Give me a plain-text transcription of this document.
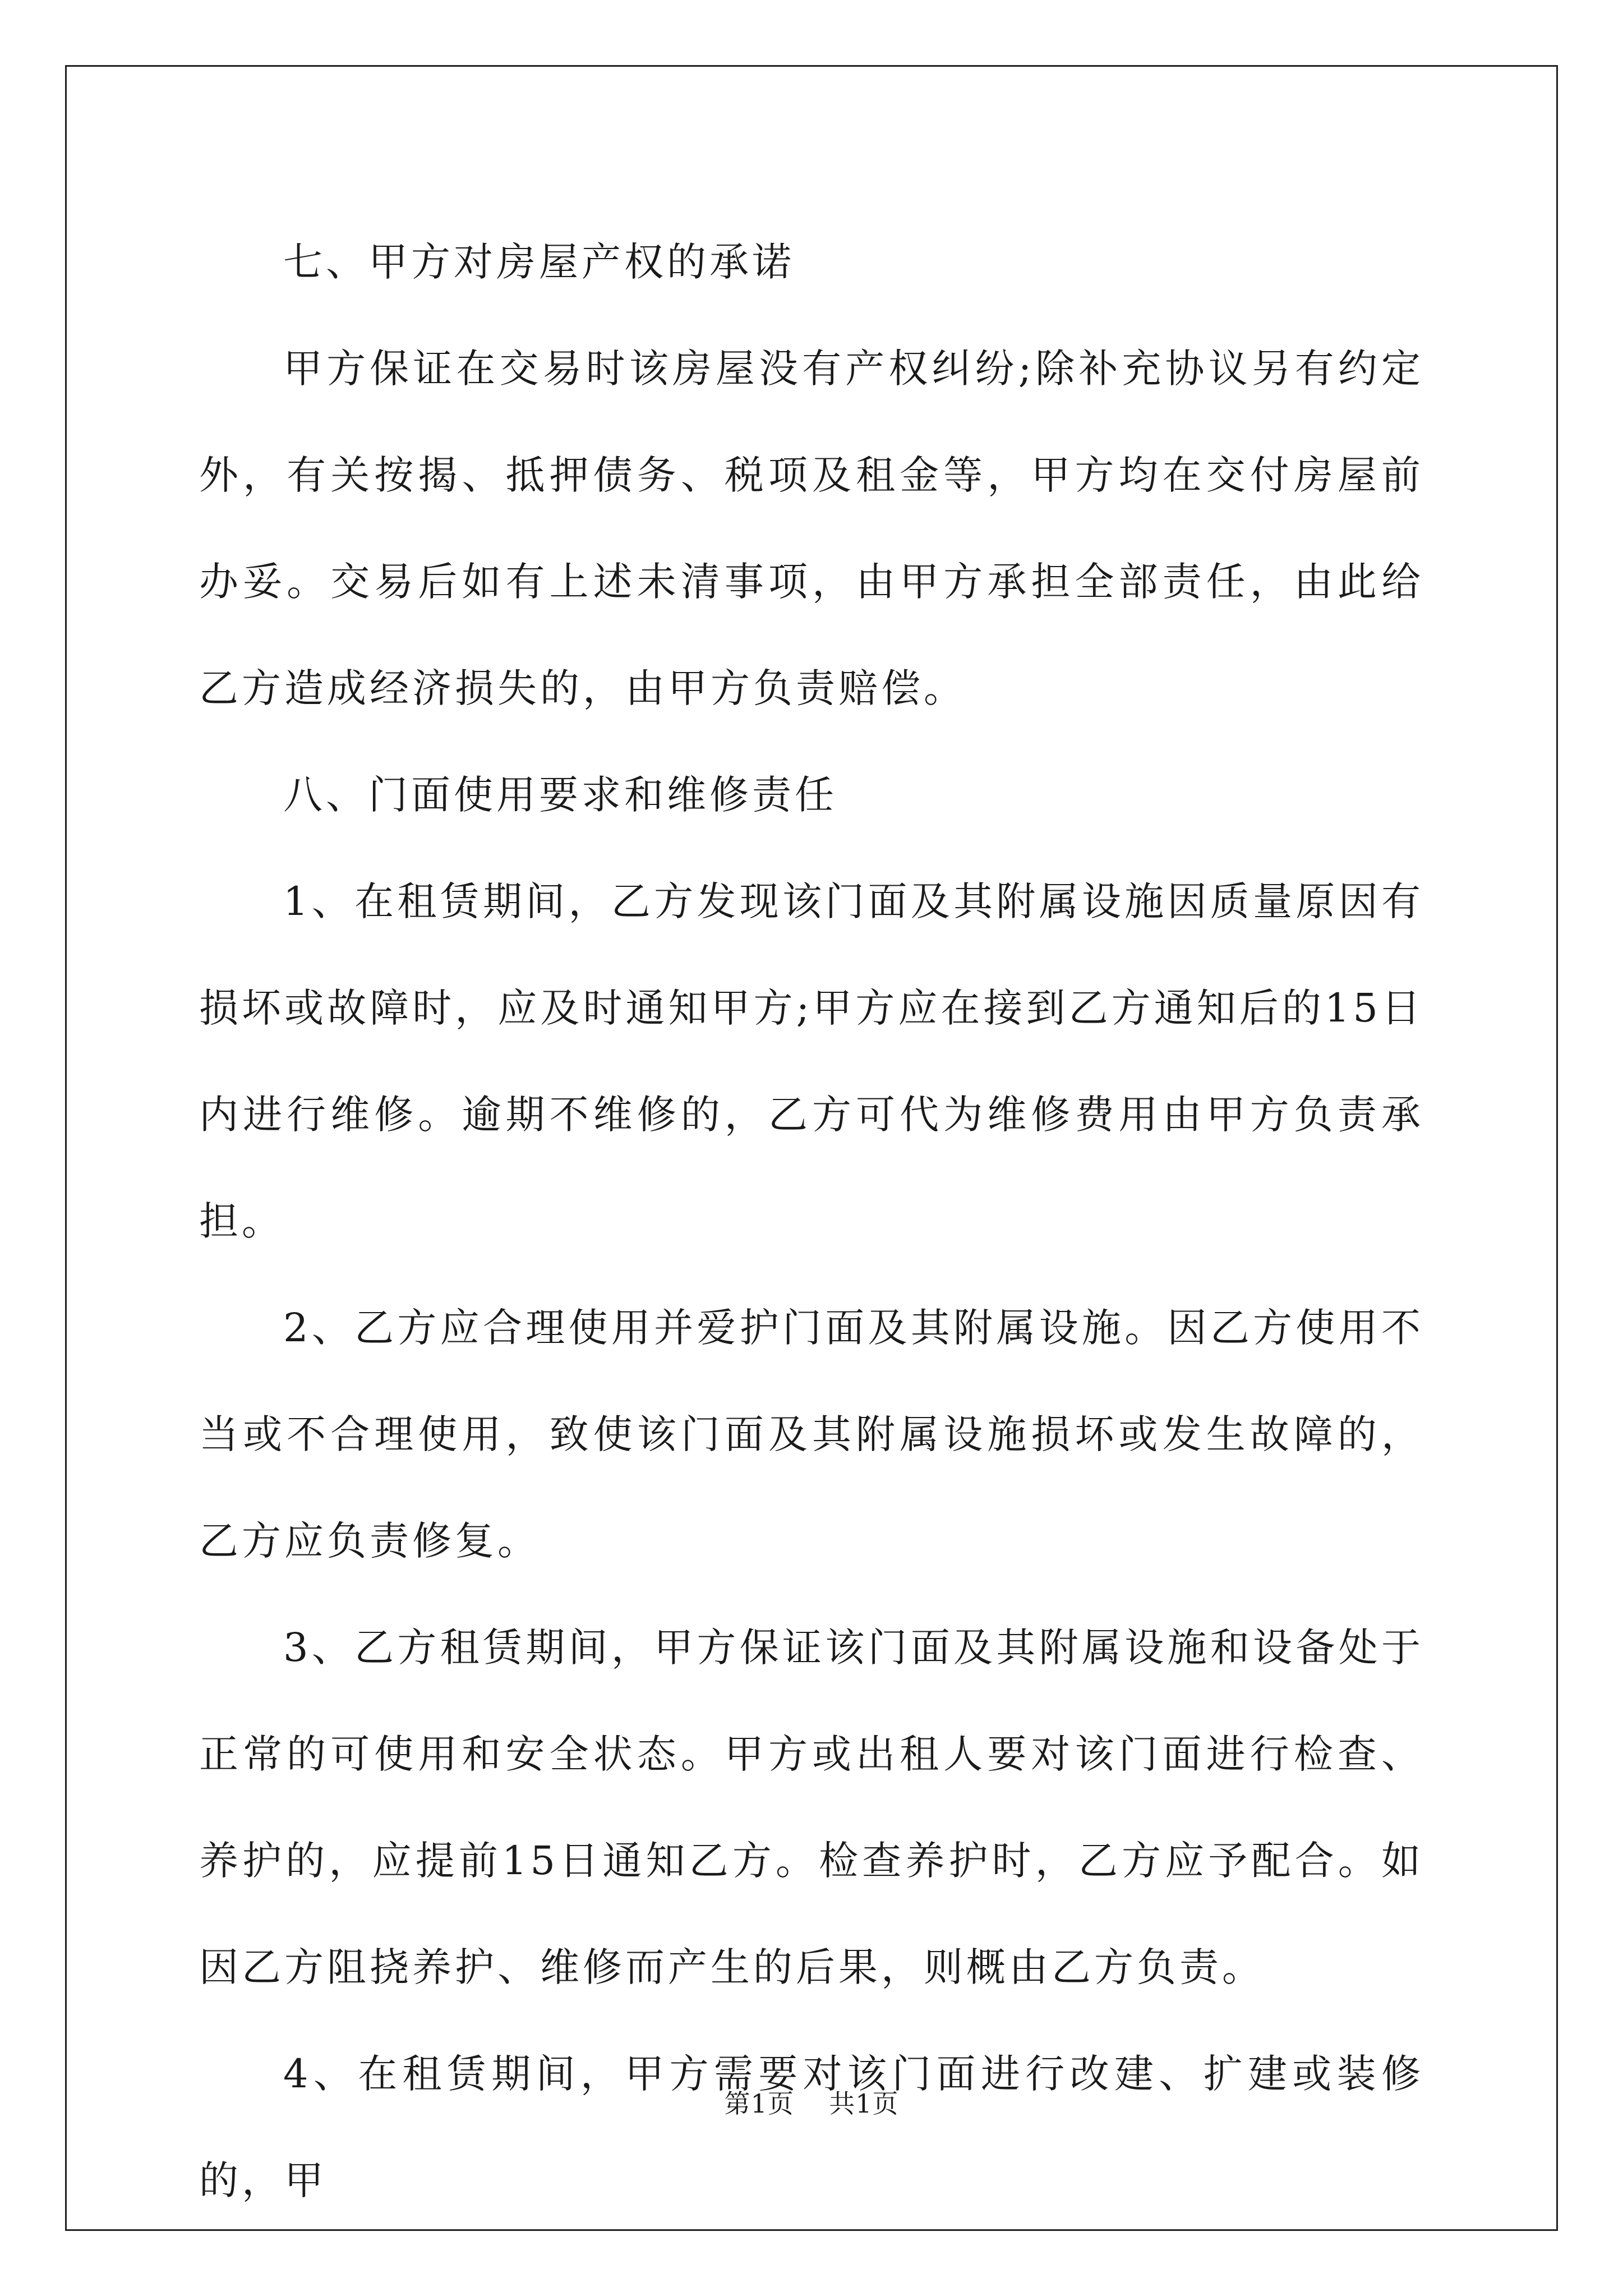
七、甲方对房屋产权的承诺

甲方保证在交易时该房屋没有产权纠纷;除补充协议另有约定外，有关按揭、抵押债务、税项及租金等，甲方均在交付房屋前办妥。交易后如有上述未清事项，由甲方承担全部责任，由此给乙方造成经济损失的，由甲方负责赔偿。

八、门面使用要求和维修责任

1、在租赁期间，乙方发现该门面及其附属设施因质量原因有损坏或故障时，应及时通知甲方;甲方应在接到乙方通知后的15日内进行维修。逾期不维修的，乙方可代为维修费用由甲方负责承担。

2、乙方应合理使用并爱护门面及其附属设施。因乙方使用不当或不合理使用，致使该门面及其附属设施损坏或发生故障的，乙方应负责修复。

3、乙方租赁期间，甲方保证该门面及其附属设施和设备处于正常的可使用和安全状态。甲方或出租人要对该门面进行检查、养护的，应提前15日通知乙方。检查养护时，乙方应予配合。如因乙方阻挠养护、维修而产生的后果，则概由乙方负责。

4、在租赁期间，甲方需要对该门面进行改建、扩建或装修的，甲

第1页 共1页
